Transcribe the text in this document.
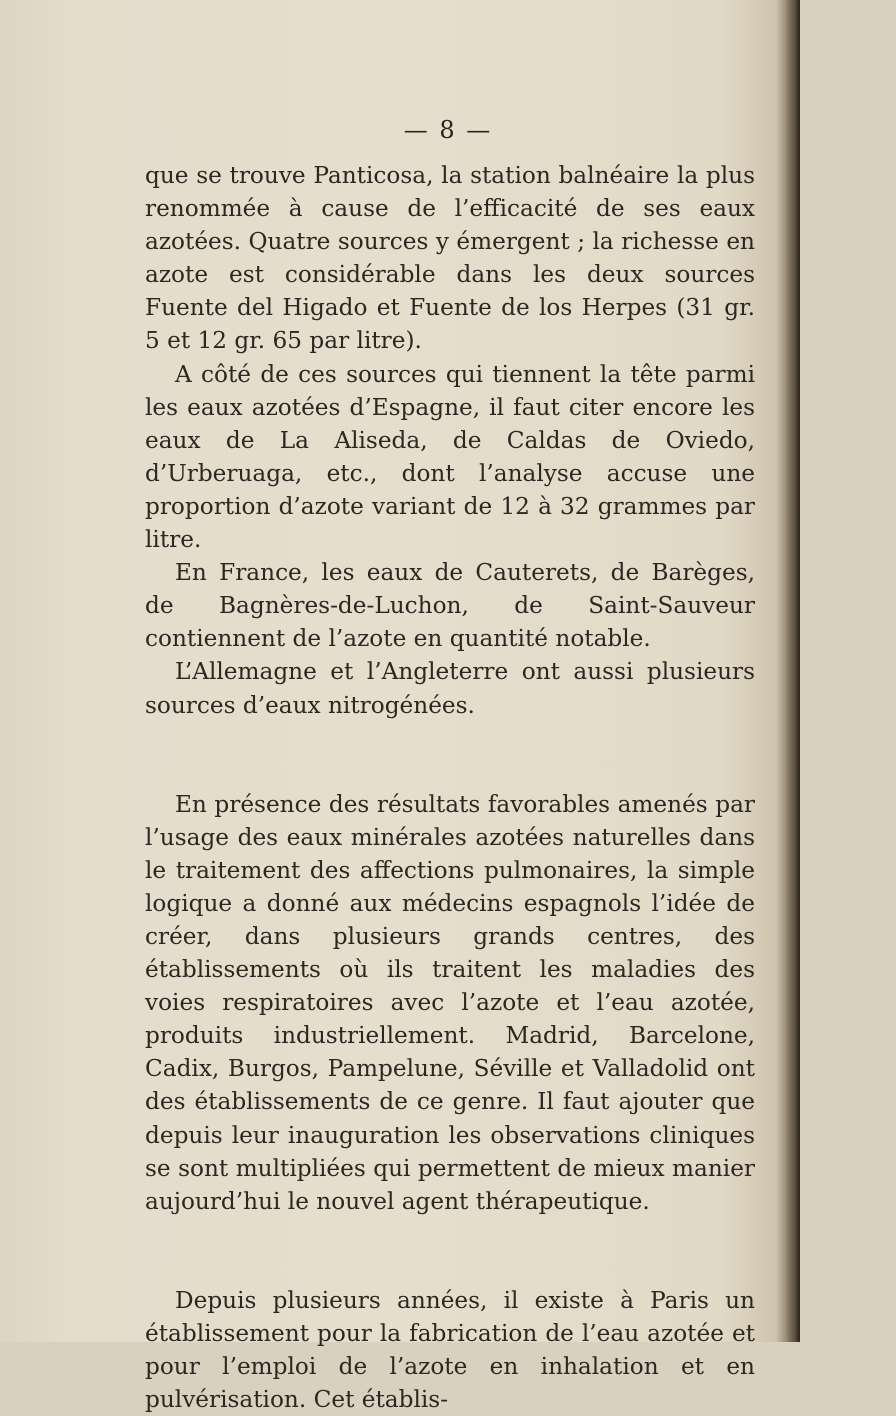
— 8 —

que se trouve Panticosa, la station balnéaire la plus renommée à cause de l’efficacité de ses eaux azotées. Quatre sources y émergent ; la richesse en azote est considérable dans les deux sources Fuente del Higado et Fuente de los Herpes (31 gr. 5 et 12 gr. 65 par litre).

A côté de ces sources qui tiennent la tête parmi les eaux azotées d’Espagne, il faut citer encore les eaux de La Aliseda, de Caldas de Oviedo, d’Urberuaga, etc., dont l’analyse accuse une proportion d’azote variant de 12 à 32 grammes par litre.

En France, les eaux de Cauterets, de Barèges, de Bagnères-de-Luchon, de Saint-Sauveur contiennent de l’azote en quantité notable.

L’Allemagne et l’Angleterre ont aussi plusieurs sources d’eaux nitrogénées.

En présence des résultats favorables amenés par l’usage des eaux minérales azotées naturelles dans le traitement des affections pulmonaires, la simple logique a donné aux médecins espagnols l’idée de créer, dans plusieurs grands centres, des établissements où ils traitent les maladies des voies respiratoires avec l’azote et l’eau azotée, produits industriellement. Madrid, Barcelone, Cadix, Burgos, Pampelune, Séville et Valladolid ont des établissements de ce genre. Il faut ajouter que depuis leur inauguration les observations cliniques se sont multipliées qui permettent de mieux manier aujourd’hui le nouvel agent thérapeutique.

Depuis plusieurs années, il existe à Paris un établissement pour la fabrication de l’eau azotée et pour l’emploi de l’azote en inhalation et en pulvérisation. Cet établis-
